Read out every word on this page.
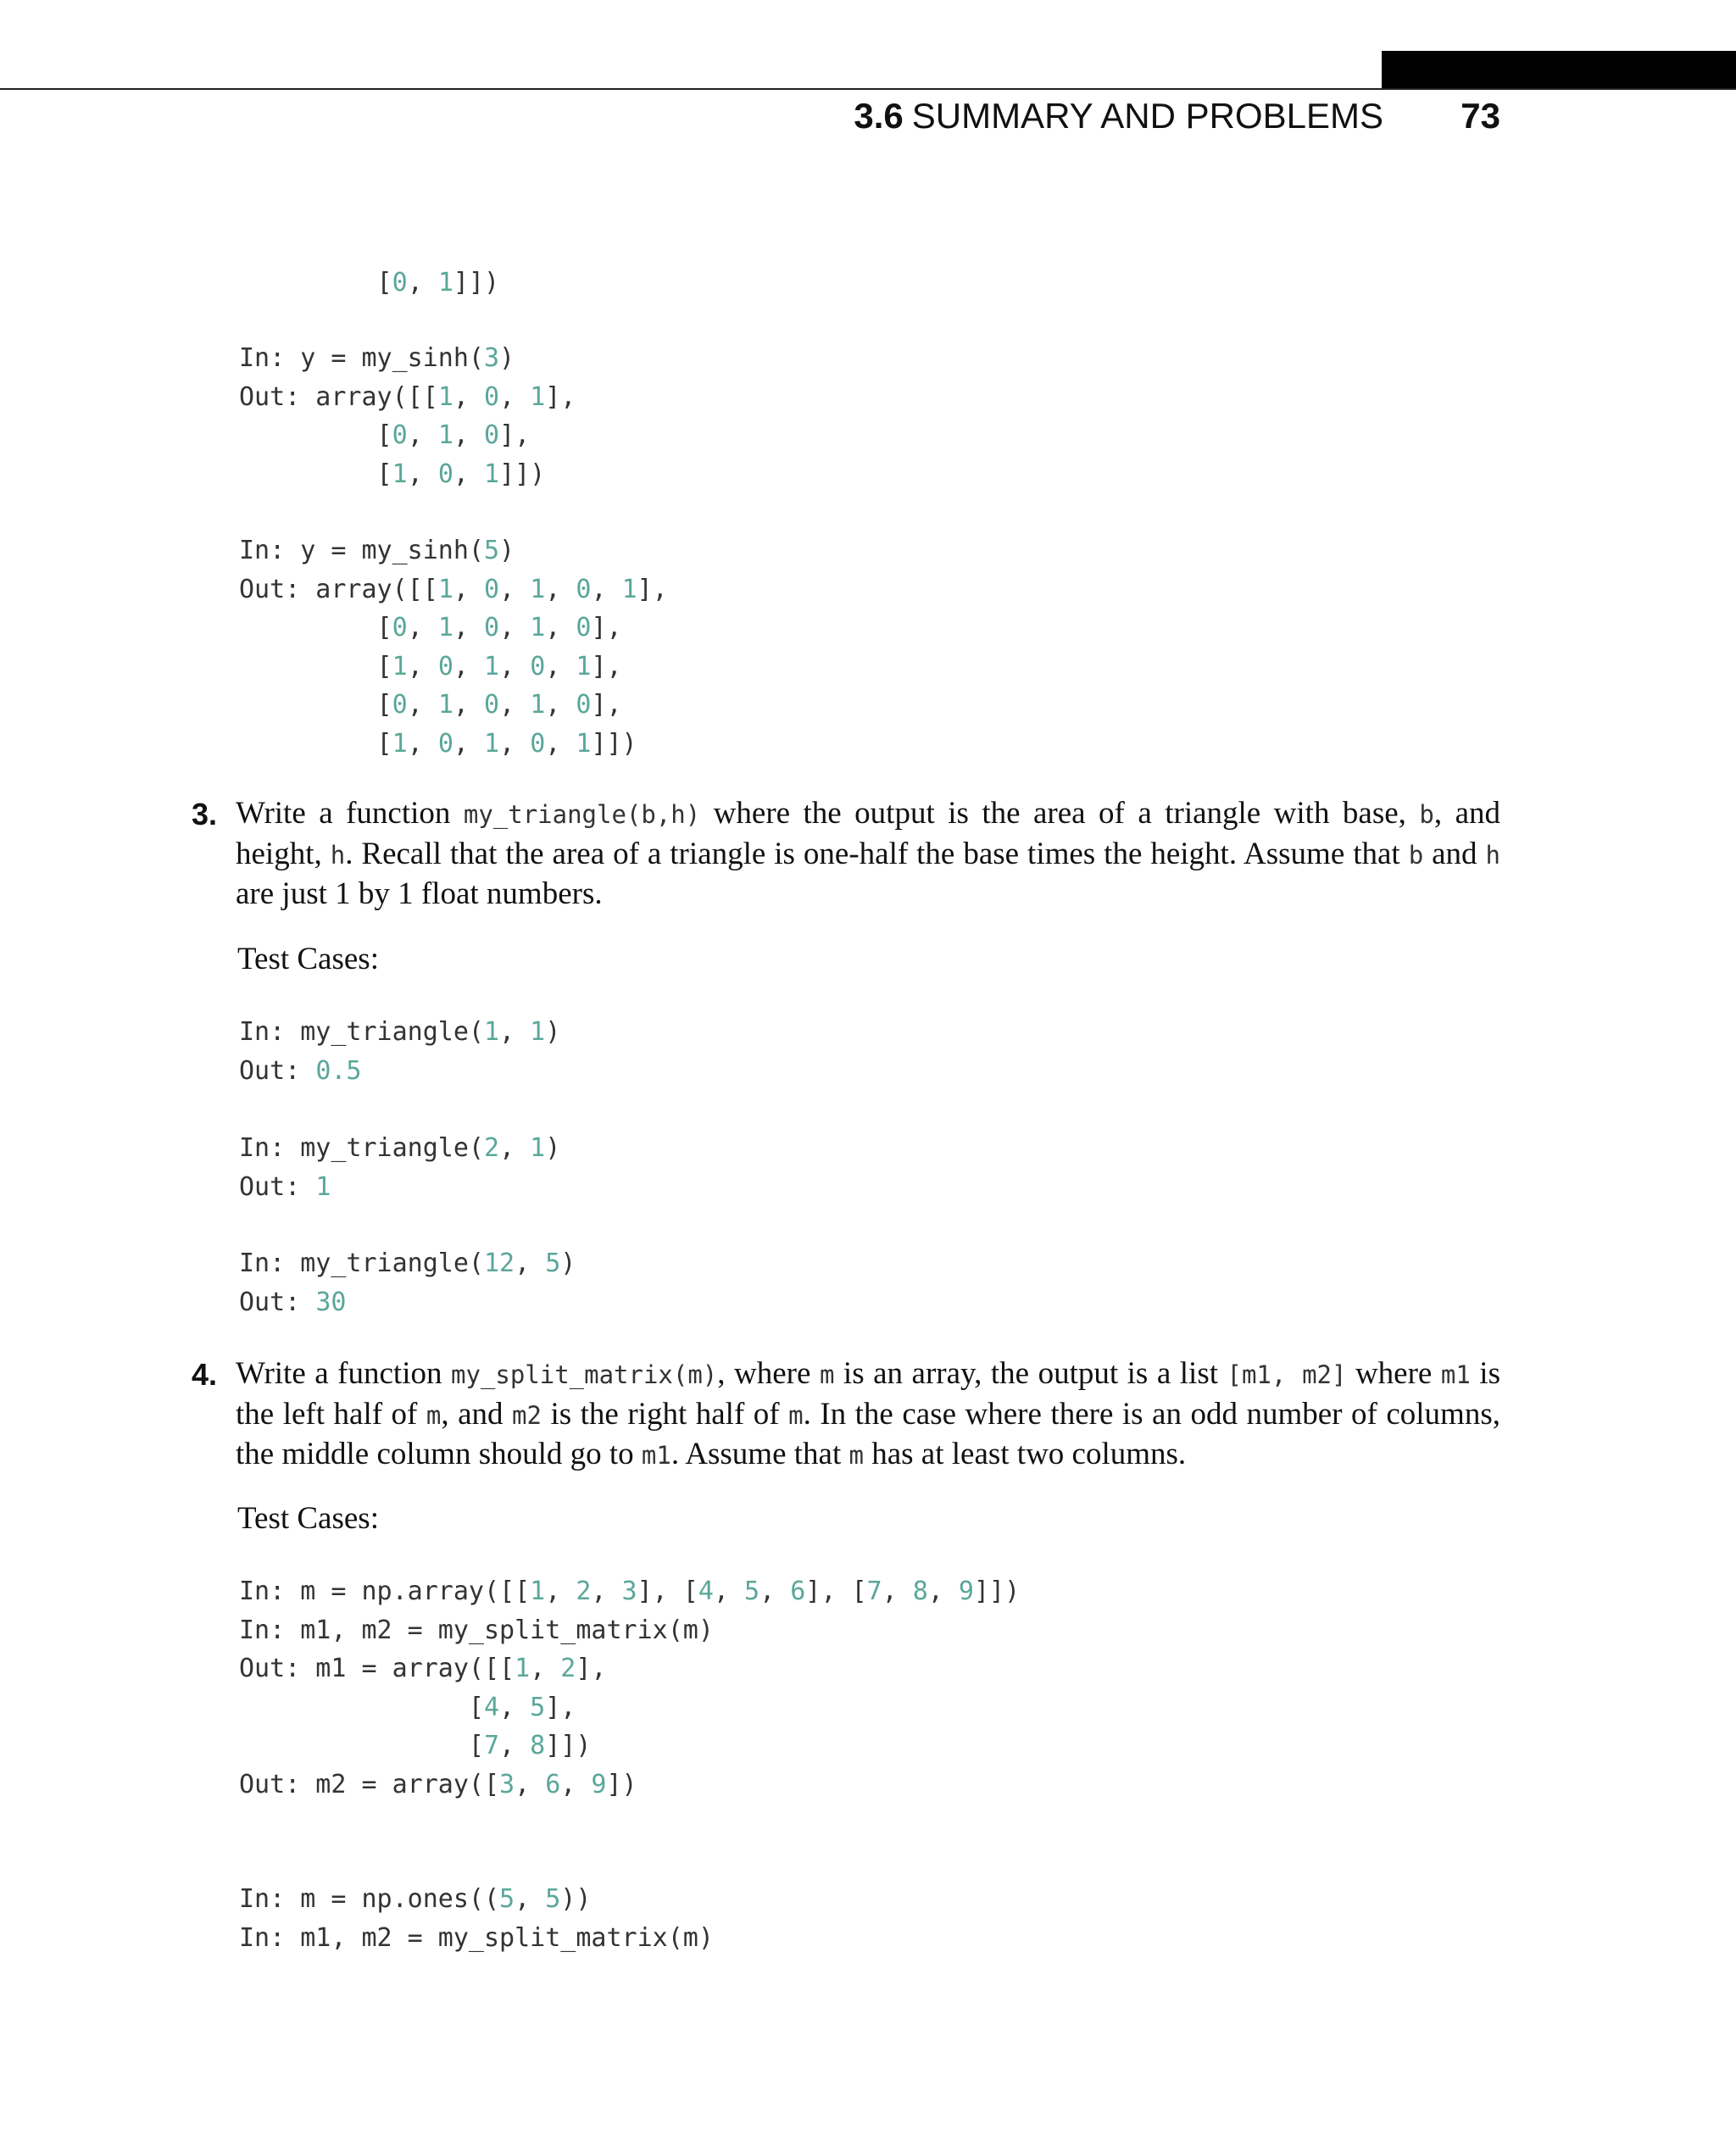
3.6 SUMMARY AND PROBLEMS	73
[0, 1]])
In: y = my_sinh(3)
Out: array([[1, 0, 1],
[0, 1, 0],
[1, 0, 1]])
In: y = my_sinh(5)
Out: array([[1, 0, 1, 0, 1],
[0, 1, 0, 1, 0],
[1, 0, 1, 0, 1],
[0, 1, 0, 1, 0],
[1, 0, 1, 0, 1]])
3. Write a function my_triangle(b,h) where the output is the area of a triangle with base, b, and height, h. Recall that the area of a triangle is one-half the base times the height. Assume that b and h are just 1 by 1 float numbers.

Test Cases:

In: my_triangle(1, 1)
Out: 0.5
In: my_triangle(2, 1)
Out: 1
In: my_triangle(12, 5)
Out: 30
4. Write a function my_split_matrix(m), where m is an array, the output is a list [m1, m2] where m1 is the left half of m, and m2 is the right half of m. In the case where there is an odd number of columns, the middle column should go to m1. Assume that m has at least two columns.

Test Cases:

In: m = np.array([[1, 2, 3], [4, 5, 6], [7, 8, 9]])
In: m1, m2 = my_split_matrix(m)
Out: m1 = array([[1, 2],
[4, 5],
[7, 8]])
Out: m2 = array([3, 6, 9])
In: m = np.ones((5, 5))
In: m1, m2 = my_split_matrix(m)
